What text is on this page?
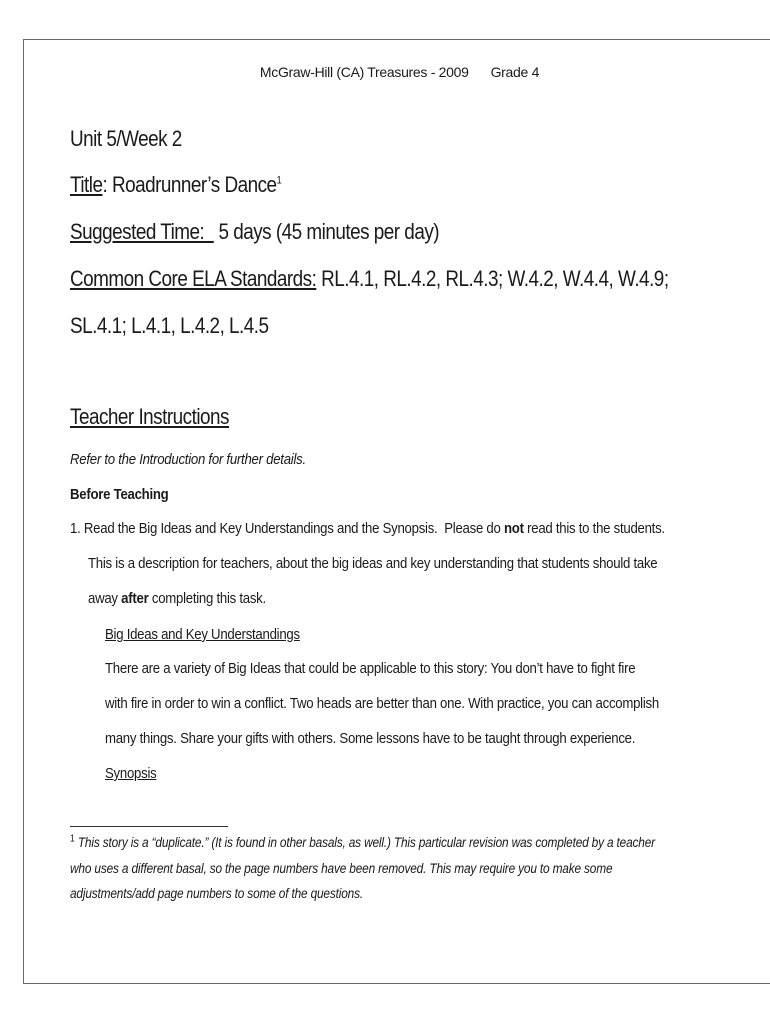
McGraw-Hill (CA) Treasures - 2009 Grade 4
Unit 5/Week 2
Title: Roadrunner’s Dance$^1$
Suggested Time:   5 days (45 minutes per day)
Common Core ELA Standards: RL.4.1, RL.4.2, RL.4.3; W.4.2, W.4.4, W.4.9;
SL.4.1; L.4.1, L.4.2, L.4.5
Teacher Instructions
Refer to the Introduction for further details.
Before Teaching
1. Read the Big Ideas and Key Understandings and the Synopsis.  Please do not read this to the students.
This is a description for teachers, about the big ideas and key understanding that students should take
away after completing this task.
Big Ideas and Key Understandings
There are a variety of Big Ideas that could be applicable to this story: You don’t have to fight fire
with fire in order to win a conflict. Two heads are better than one. With practice, you can accomplish
many things. Share your gifts with others. Some lessons have to be taught through experience.
Synopsis
$^1$ This story is a “duplicate.” (It is found in other basals, as well.) This particular revision was completed by a teacher
who uses a different basal, so the page numbers have been removed. This may require you to make some
adjustments/add page numbers to some of the questions.
